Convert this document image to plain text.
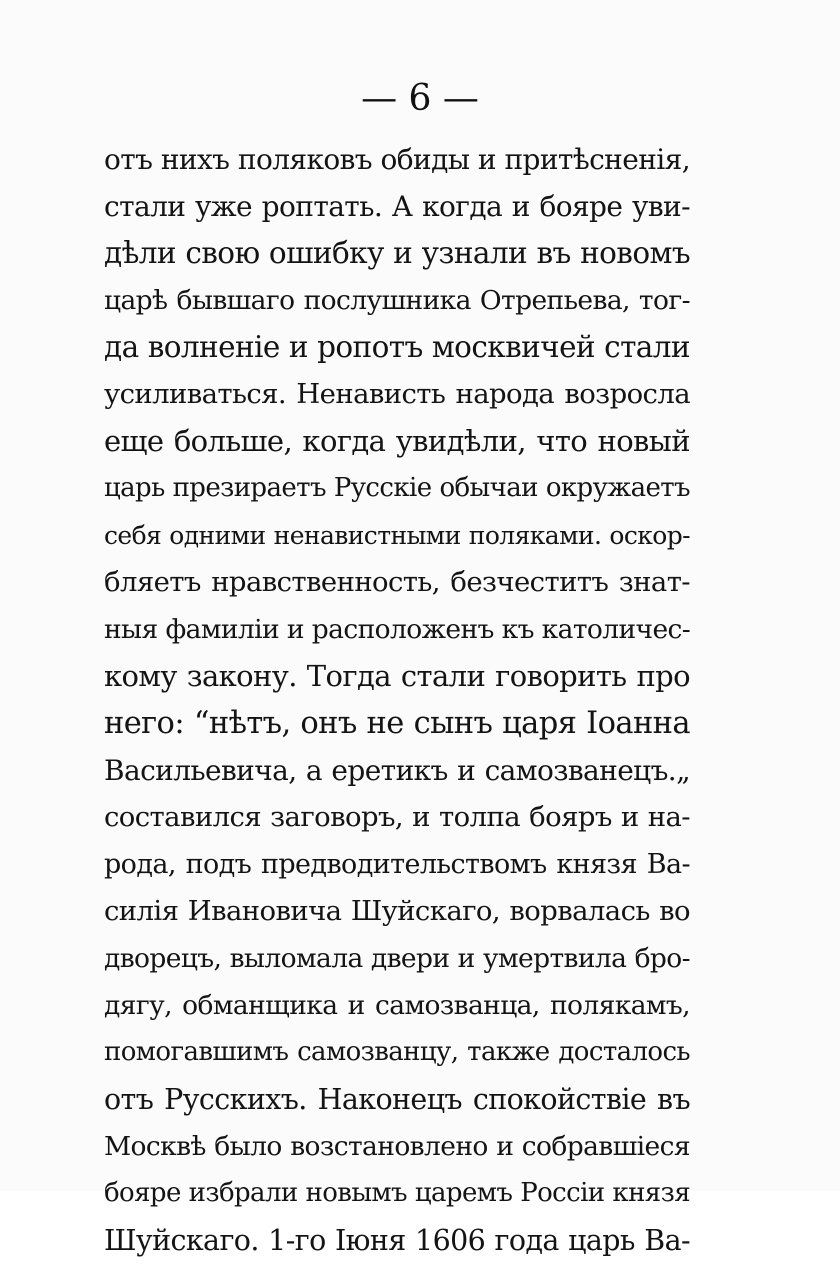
— 6 —
отъ нихъ поляковъ обиды и притѣсненія,
стали уже роптать. А когда и бояре уви-
дѣли свою ошибку и узнали въ новомъ
царѣ бывшаго послушника Отрепьева, тог-
да волненіе и ропотъ москвичей стали
усиливаться. Ненависть народа возросла
еще больше, когда увидѣли, что новый
царь презираетъ Русскіе обычаи окружаетъ
себя одними ненавистными поляками. оскор-
бляетъ нравственность, безчеститъ знат-
ныя фамиліи и расположенъ къ католичес-
кому закону. Тогда стали говорить про
него: “нѣтъ, онъ не сынъ царя Іоанна
Васильевича, а еретикъ и самозванецъ.„
составился заговоръ, и толпа бояръ и на-
рода, подъ предводительствомъ князя Ва-
силія Ивановича Шуйскаго, ворвалась во
дворецъ, выломала двери и умертвила бро-
дягу, обманщика и самозванца, полякамъ,
помогавшимъ самозванцу, также досталось
отъ Русскихъ. Наконецъ спокойствіе въ
Москвѣ было возстановлено и собравшіеся
бояре избрали новымъ царемъ Россіи князя
Шуйскаго. 1-го Іюня 1606 года царь Ва-
